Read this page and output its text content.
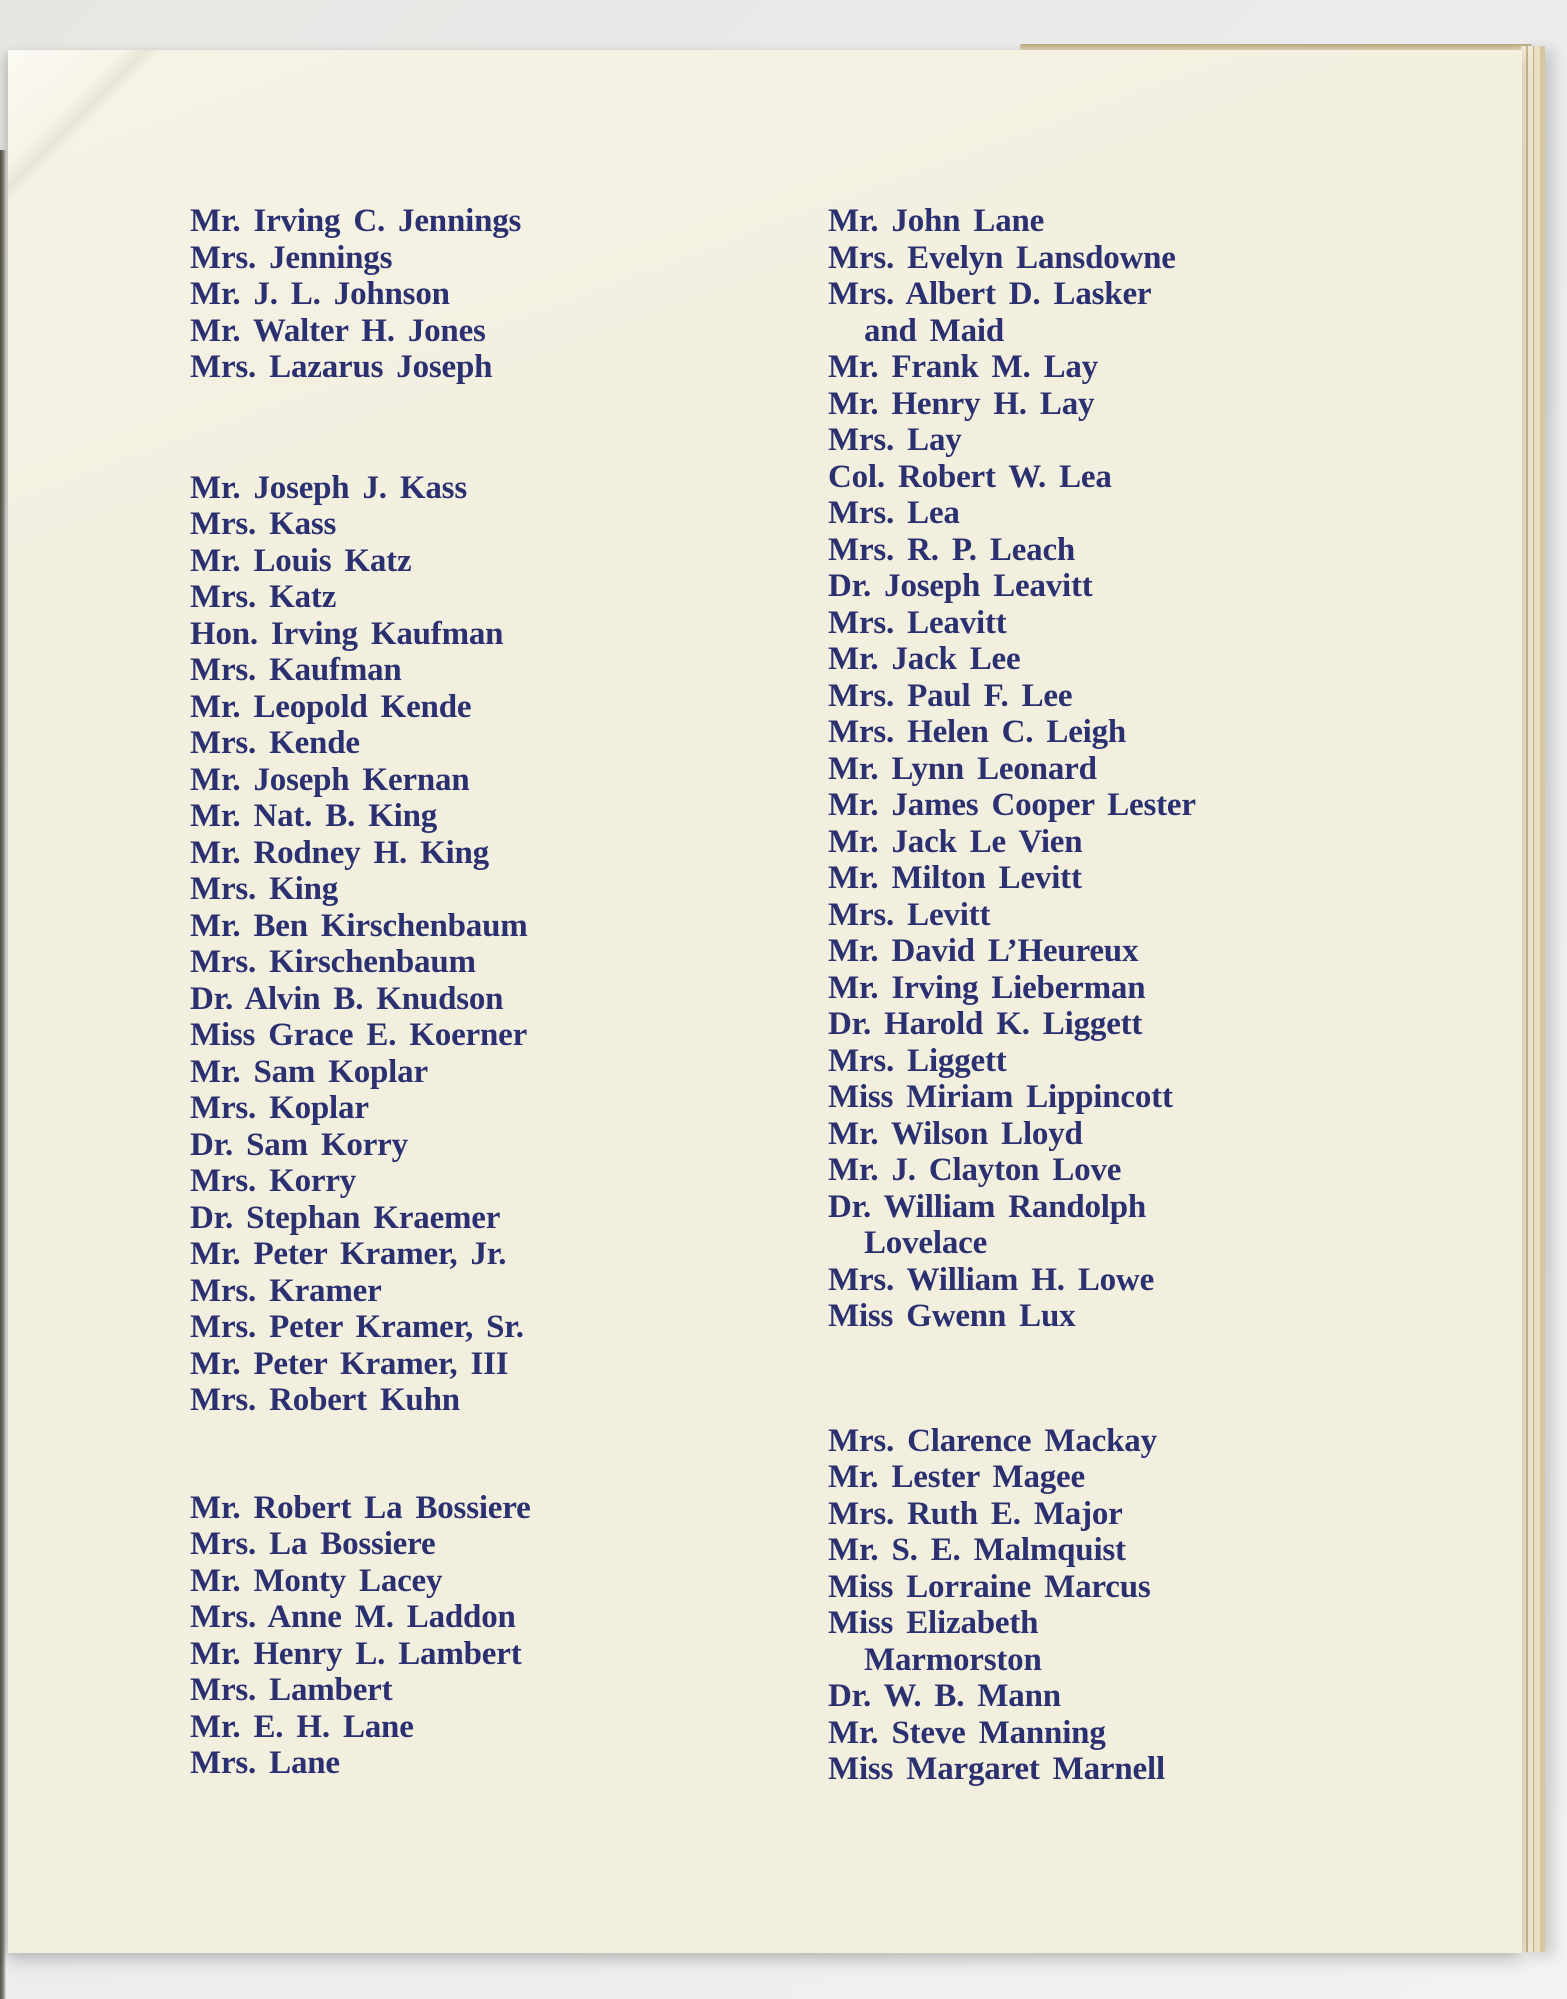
Mr. Irving C. Jennings
Mrs. Jennings
Mr. J. L. Johnson
Mr. Walter H. Jones
Mrs. Lazarus Joseph
Mr. Joseph J. Kass
Mrs. Kass
Mr. Louis Katz
Mrs. Katz
Hon. Irving Kaufman
Mrs. Kaufman
Mr. Leopold Kende
Mrs. Kende
Mr. Joseph Kernan
Mr. Nat. B. King
Mr. Rodney H. King
Mrs. King
Mr. Ben Kirschenbaum
Mrs. Kirschenbaum
Dr. Alvin B. Knudson
Miss Grace E. Koerner
Mr. Sam Koplar
Mrs. Koplar
Dr. Sam Korry
Mrs. Korry
Dr. Stephan Kraemer
Mr. Peter Kramer, Jr.
Mrs. Kramer
Mrs. Peter Kramer, Sr.
Mr. Peter Kramer, III
Mrs. Robert Kuhn
Mr. Robert La Bossiere
Mrs. La Bossiere
Mr. Monty Lacey
Mrs. Anne M. Laddon
Mr. Henry L. Lambert
Mrs. Lambert
Mr. E. H. Lane
Mrs. Lane
Mr. John Lane
Mrs. Evelyn Lansdowne
Mrs. Albert D. Lasker
and Maid
Mr. Frank M. Lay
Mr. Henry H. Lay
Mrs. Lay
Col. Robert W. Lea
Mrs. Lea
Mrs. R. P. Leach
Dr. Joseph Leavitt
Mrs. Leavitt
Mr. Jack Lee
Mrs. Paul F. Lee
Mrs. Helen C. Leigh
Mr. Lynn Leonard
Mr. James Cooper Lester
Mr. Jack Le Vien
Mr. Milton Levitt
Mrs. Levitt
Mr. David L’Heureux
Mr. Irving Lieberman
Dr. Harold K. Liggett
Mrs. Liggett
Miss Miriam Lippincott
Mr. Wilson Lloyd
Mr. J. Clayton Love
Dr. William Randolph
Lovelace
Mrs. William H. Lowe
Miss Gwenn Lux
Mrs. Clarence Mackay
Mr. Lester Magee
Mrs. Ruth E. Major
Mr. S. E. Malmquist
Miss Lorraine Marcus
Miss Elizabeth
Marmorston
Dr. W. B. Mann
Mr. Steve Manning
Miss Margaret Marnell
